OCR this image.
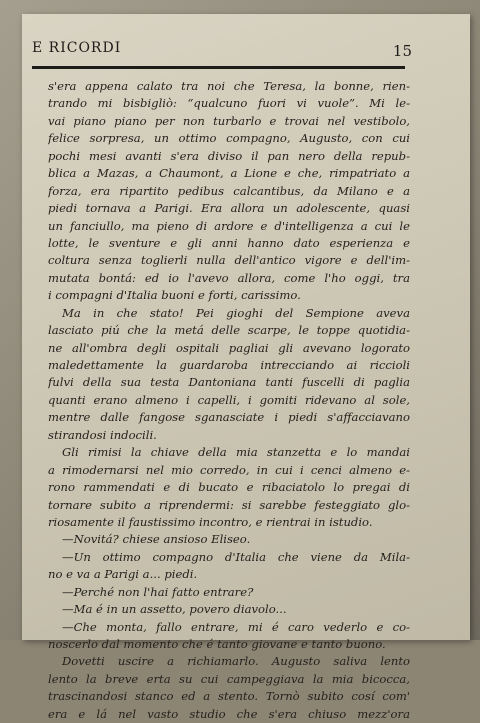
E RICORDI	15
s'era appena calato tra noi che Teresa, la bonne, rien-
trando mi bisbigliò: “qualcuno fuori vi vuole”. Mi le-
vai piano piano per non turbarlo e trovai nel vestibolo,
felice sorpresa, un ottimo compagno, Augusto, con cui
pochi mesi avanti s'era diviso il pan nero della repub-
blica a Mazas, a Chaumont, a Lione e che, rimpatriato a
forza, era ripartito pedibus calcantibus, da Milano e a
piedi tornava a Parigi. Era allora un adolescente, quasi
un fanciullo, ma pieno di ardore e d'intelligenza a cui le
lotte, le sventure e gli anni hanno dato esperienza e
coltura senza toglierli nulla dell'antico vigore e dell'im-
mutata bontá: ed io l'avevo allora, come l'ho oggi, tra
i compagni d'Italia buoni e forti, carissimo.
Ma in che stato! Pei gioghi del Sempione aveva
lasciato piú che la metá delle scarpe, le toppe quotidia-
ne all'ombra degli ospitali pagliai gli avevano logorato
maledettamente la guardaroba intrecciando ai riccioli
fulvi della sua testa Dantoniana tanti fuscelli di paglia
quanti erano almeno i capelli, i gomiti ridevano al sole,
mentre dalle fangose sganasciate i piedi s'affacciavano
stirandosi indocili.
Gli rimisi la chiave della mia stanzetta e lo mandai
a rimodernarsi nel mio corredo, in cui i cenci almeno e-
rono rammendati e di bucato e ribaciatolo lo pregai di
tornare subito a riprendermi: si sarebbe festeggiato glo-
riosamente il faustissimo incontro, e rientrai in istudio.
—Novitá? chiese ansioso Eliseo.
—Un ottimo compagno d'Italia che viene da Mila-
no e va a Parigi a... piedi.
—Perché non l'hai fatto entrare?
—Ma é in un assetto, povero diavolo...
—Che monta, fallo entrare, mi é caro vederlo e co-
noscerlo dal momento che é tanto giovane e tanto buono.
Dovetti uscire a richiamarlo. Augusto saliva lento
lento la breve erta su cui campeggiava la mia bicocca,
trascinandosi stanco ed a stento. Tornò subito cosí com'
era e lá nel vasto studio che s'era chiuso mezz'ora
